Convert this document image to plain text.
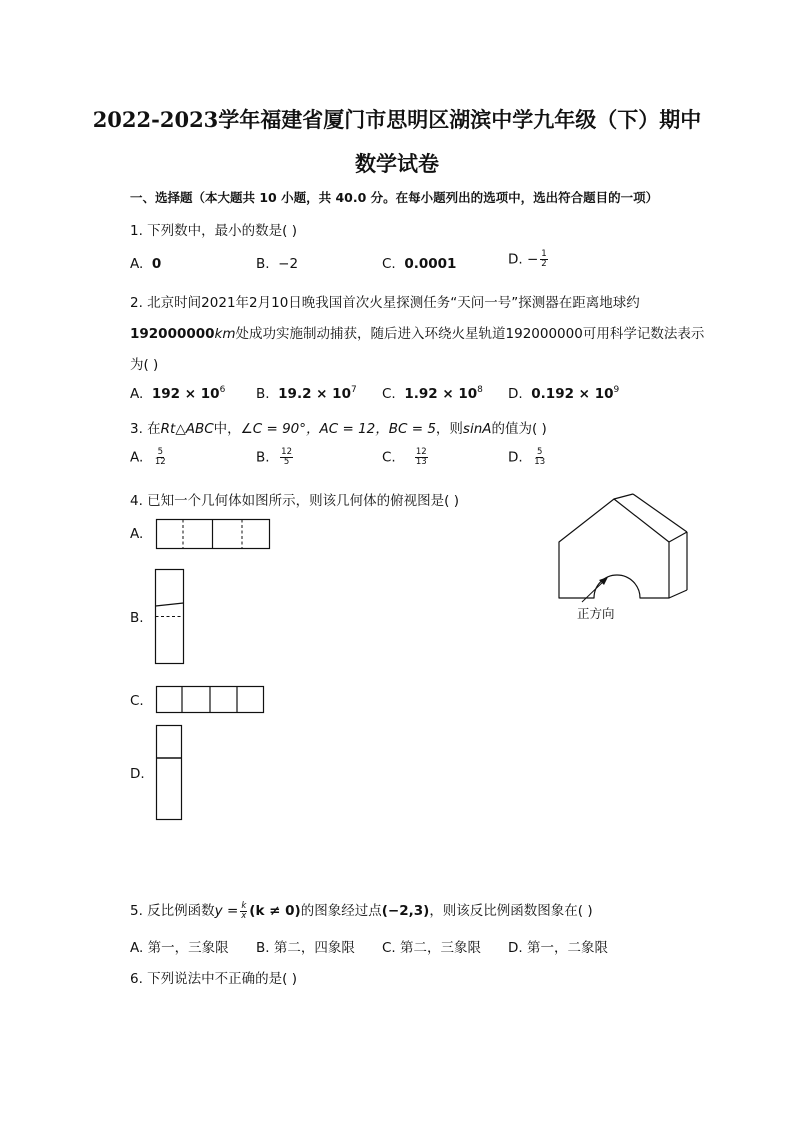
2022-2023学年福建省厦门市思明区湖滨中学九年级（下）期中
数学试卷
一、选择题（本大题共 10 小题，共 40.0 分。在每小题列出的选项中，选出符合题目的一项）
1. 下列数中，最小的数是( )
A. 0	B. −2	C. 0.0001	D. − $\frac{1}{2}$
2. 北京时间2021年2月10日晚我国首次火星探测任务“天问一号”探测器在距离地球约
192000000km处成功实施制动捕获，随后进入环绕火星轨道192000000可用科学记数法表示
为( )
A. $192 \times 10^6$ B. $19.2 \times 10^7$ C. $1.92 \times 10^8$ D. $0.192 \times 10^9$
3. 在Rt△ABC中，∠C = 90°，AC = 12，BC = 5，则sinA的值为( )
A. $\frac{5}{12}$	B. $\frac{12}{5}$	C. $\frac{12}{13}$	D. $\frac{5}{13}$
4. 已知一个几何体如图所示，则该几何体的俯视图是( )
A.
B.
C.
D.
正方向
5. 反比例函数$y = \frac{k}{x} (k \ne 0)$的图象经过点(−2,3)，则该反比例函数图象在( )
A. 第一，三象限 B. 第二，四象限 C. 第二，三象限 D. 第一，二象限
6. 下列说法中不正确的是( )
